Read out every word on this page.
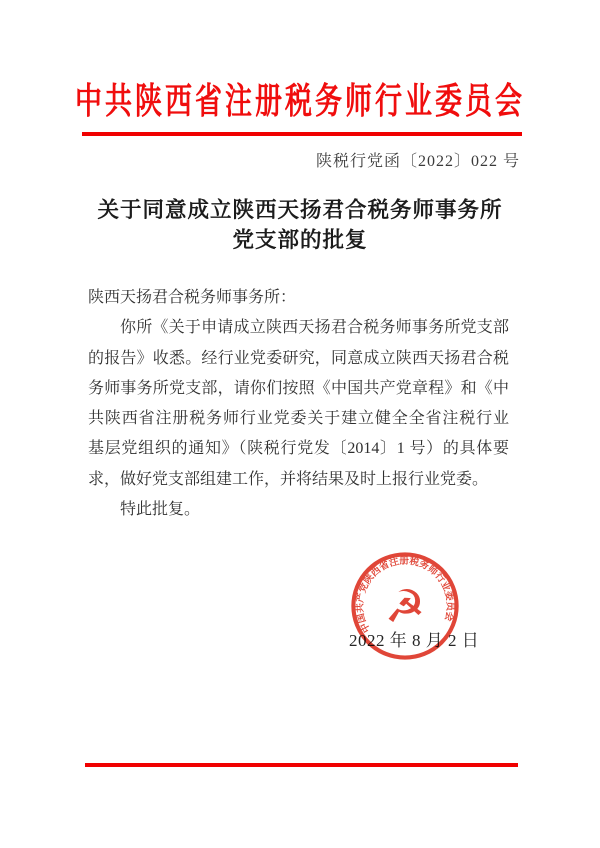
中共陕西省注册税务师行业委员会
陕税行党函〔2022〕022 号
关于同意成立陕西天扬君合税务师事务所
党支部的批复
陕西天扬君合税务师事务所：
你所《关于申请成立陕西天扬君合税务师事务所党支部
的报告》收悉。经行业党委研究，同意成立陕西天扬君合税
务师事务所党支部，请你们按照《中国共产党章程》和《中
共陕西省注册税务师行业党委关于建立健全全省注税行业
基层党组织的通知》（陕税行党发〔2014〕1 号）的具体要
求，做好党支部组建工作，并将结果及时上报行业党委。
特此批复。
2022 年 8 月 2 日
中国共产党陕西省注册税务师行业委员会
☭
